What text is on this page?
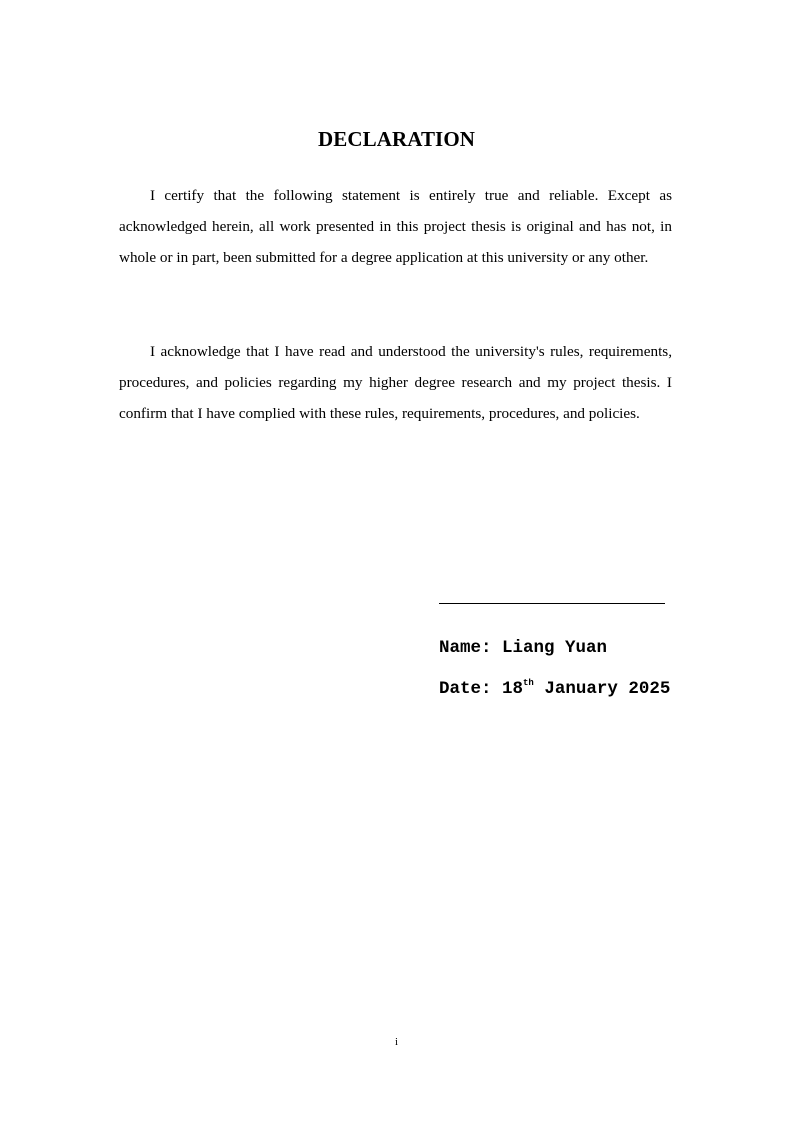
DECLARATION

I certify that the following statement is entirely true and reliable. Except as acknowledged herein, all work presented in this project thesis is original and has not, in whole or in part, been submitted for a degree application at this university or any other.

I acknowledge that I have read and understood the university's rules, requirements, procedures, and policies regarding my higher degree research and my project thesis. I confirm that I have complied with these rules, requirements, procedures, and policies.

Name: Liang Yuan

Date: 18th January 2025

i
